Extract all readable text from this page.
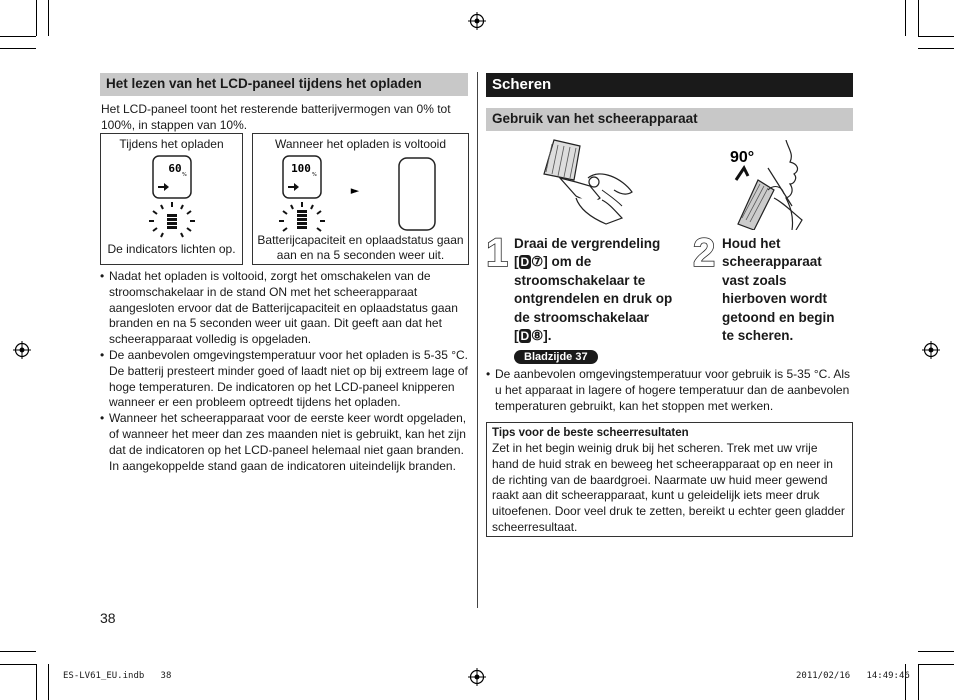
Het lezen van het LCD-paneel tijdens het opladen
Het LCD-paneel toont het resterende batterijvermogen van 0% tot 100%, in stappen van 10%.
Tijdens het opladen
60 %
De indicators lichten op.
Wanneer het opladen is voltooid
100 %
►
Batterijcapaciteit en oplaadstatus gaan aan en na 5 seconden weer uit.
• Nadat het opladen is voltooid, zorgt het omschakelen van de stroomschakelaar in de stand ON met het scheerapparaat aangesloten ervoor dat de Batterijcapaciteit en oplaadstatus gaan branden en na 5 seconden weer uit gaan. Dit geeft aan dat het scheerapparaat volledig is opgeladen.
• De aanbevolen omgevingstemperatuur voor het opladen is 5-35 °C. De batterij presteert minder goed of laadt niet op bij extreem lage of hoge temperaturen. De indicatoren op het LCD-paneel knipperen wanneer er een probleem optreedt tijdens het opladen.
• Wanneer het scheerapparaat voor de eerste keer wordt opgeladen, of wanneer het meer dan zes maanden niet is gebruikt, kan het zijn dat de indicatoren op het LCD-paneel helemaal niet gaan branden. In aangekoppelde stand gaan de indicatoren uiteindelijk branden.
38
Scheren
Gebruik van het scheerapparaat
90°
1 Draai de vergrendeling
[ D ⑦] om de stroomschakelaar te ontgrendelen en druk op de stroomschakelaar
[ D ⑧].
Bladzijde 37
2 Houd het scheerapparaat vast zoals hierboven wordt getoond en begin te scheren.
• De aanbevolen omgevingstemperatuur voor gebruik is 5-35 °C. Als u het apparaat in lagere of hogere temperatuur dan de aanbevolen temperaturen gebruikt, kan het stoppen met werken.
Tips voor de beste scheerresultaten
Zet in het begin weinig druk bij het scheren. Trek met uw vrije hand de huid strak en beweeg het scheerapparaat op en neer in de richting van de baardgroei. Naarmate uw huid meer gewend raakt aan dit scheerapparaat, kunt u geleidelijk iets meer druk uitoefenen. Door veel druk te zetten, bereikt u echter geen gladder scheerresultaat.
ES-LV61_EU.indb   38	2011/02/16   14:49:46
